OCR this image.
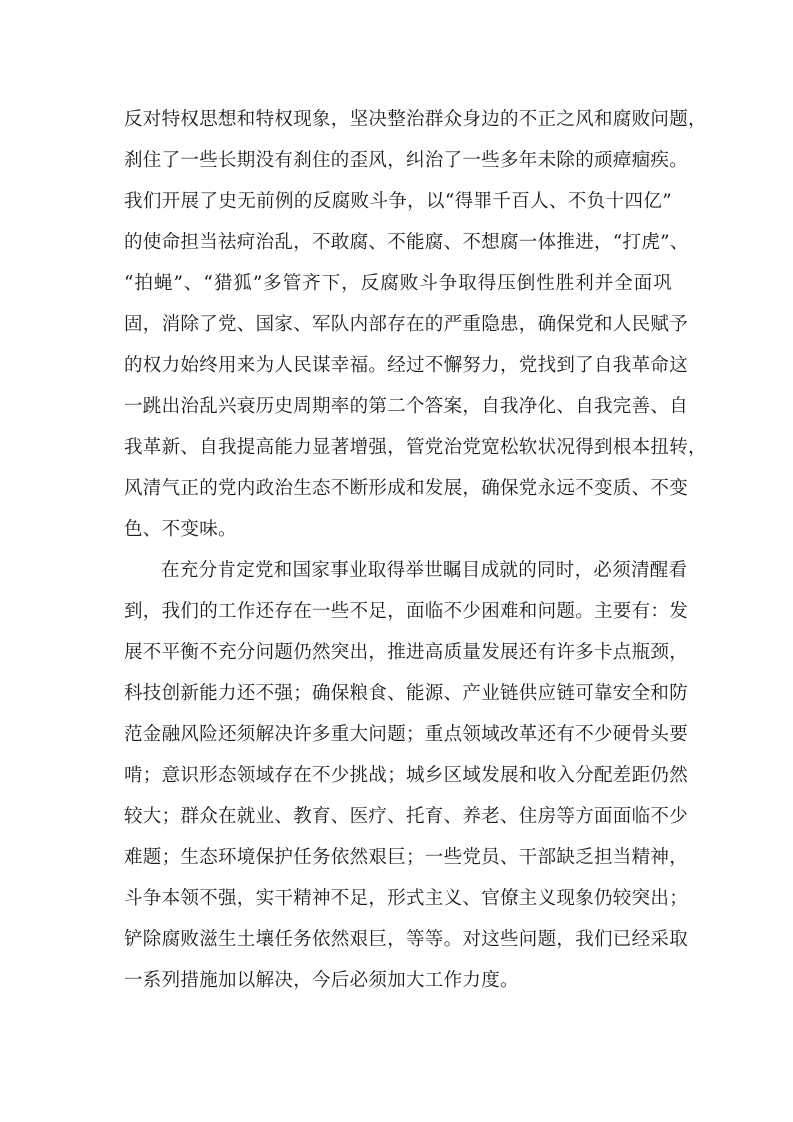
反对特权思想和特权现象，坚决整治群众身边的不正之风和腐败问题，
刹住了一些长期没有刹住的歪风，纠治了一些多年未除的顽瘴痼疾。
我们开展了史无前例的反腐败斗争，以“得罪千百人、不负十四亿”
的使命担当祛疴治乱，不敢腐、不能腐、不想腐一体推进，“打虎”、
“拍蝇”、“猎狐”多管齐下，反腐败斗争取得压倒性胜利并全面巩
固，消除了党、国家、军队内部存在的严重隐患，确保党和人民赋予
的权力始终用来为人民谋幸福。经过不懈努力，党找到了自我革命这
一跳出治乱兴衰历史周期率的第二个答案，自我净化、自我完善、自
我革新、自我提高能力显著增强，管党治党宽松软状况得到根本扭转，
风清气正的党内政治生态不断形成和发展，确保党永远不变质、不变
色、不变味。
在充分肯定党和国家事业取得举世瞩目成就的同时，必须清醒看
到，我们的工作还存在一些不足，面临不少困难和问题。主要有：发
展不平衡不充分问题仍然突出，推进高质量发展还有许多卡点瓶颈，
科技创新能力还不强；确保粮食、能源、产业链供应链可靠安全和防
范金融风险还须解决许多重大问题；重点领域改革还有不少硬骨头要
啃；意识形态领域存在不少挑战；城乡区域发展和收入分配差距仍然
较大；群众在就业、教育、医疗、托育、养老、住房等方面面临不少
难题；生态环境保护任务依然艰巨；一些党员、干部缺乏担当精神，
斗争本领不强，实干精神不足，形式主义、官僚主义现象仍较突出；
铲除腐败滋生土壤任务依然艰巨，等等。对这些问题，我们已经采取
一系列措施加以解决，今后必须加大工作力度。
